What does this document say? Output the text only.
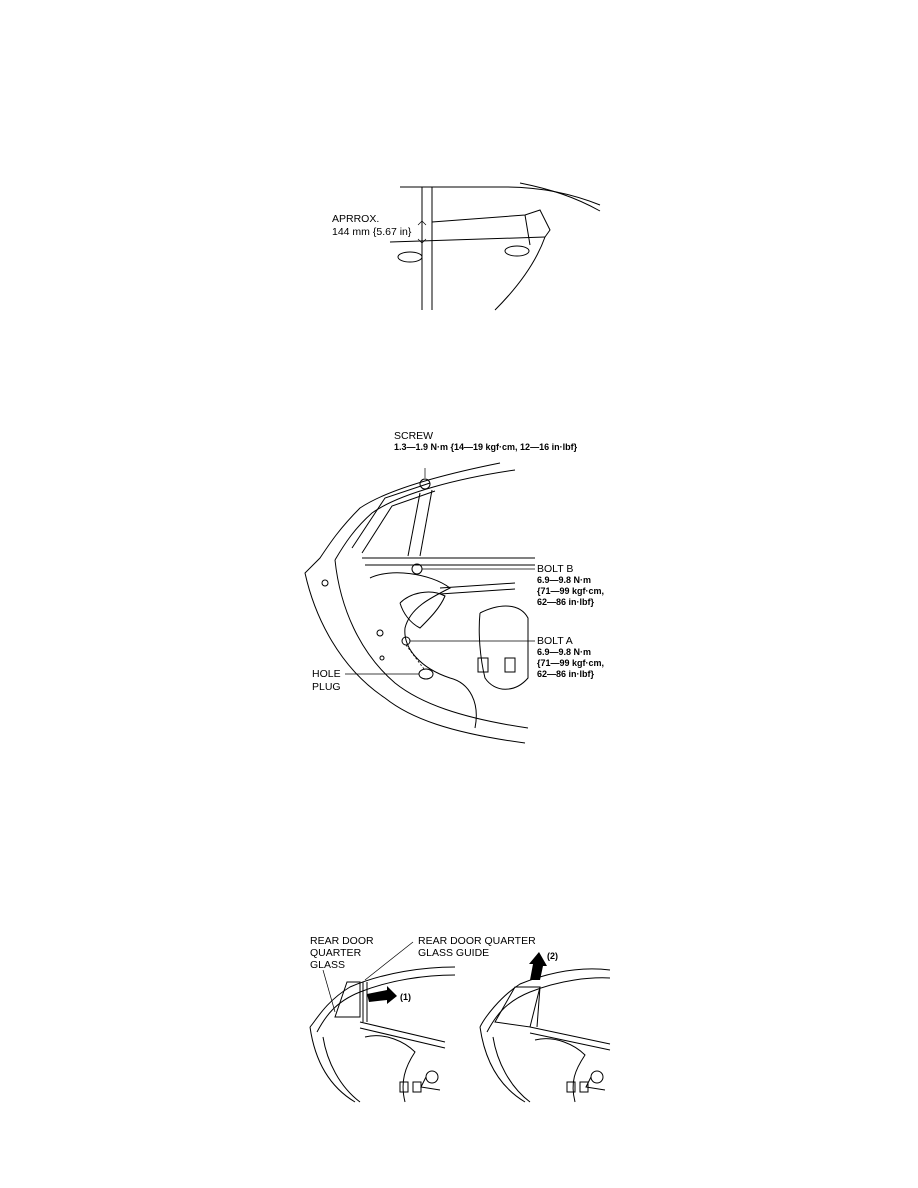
APRROX.
144 mm {5.67 in}
SCREW
1.3—1.9 N·m {14—19 kgf·cm, 12—16 in·lbf}
BOLT B
6.9—9.8 N·m
{71—99 kgf·cm,
62—86 in·lbf}
BOLT A
6.9—9.8 N·m
{71—99 kgf·cm,
62—86 in·lbf}
HOLE
PLUG
REAR DOOR
QUARTER
GLASS
REAR DOOR QUARTER
GLASS GUIDE
(1)
(2)
